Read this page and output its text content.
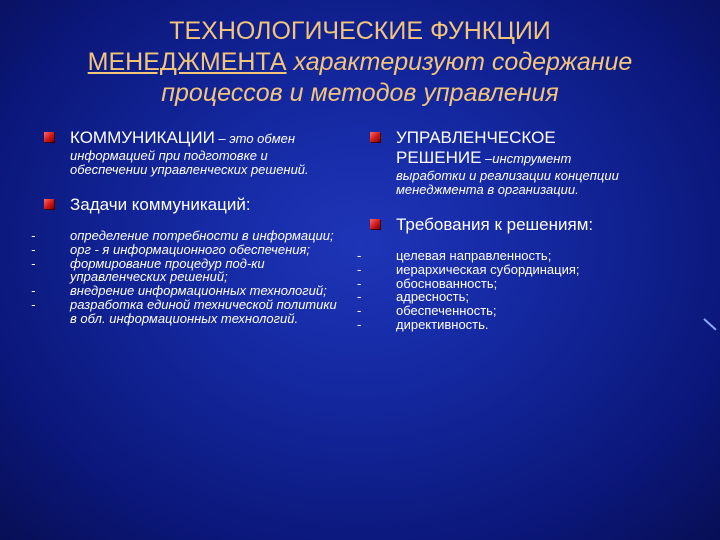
ТЕХНОЛОГИЧЕСКИЕ ФУНКЦИИ
МЕНЕДЖМЕНТА характеризуют содержание
процессов и методов управления
КОММУНИКАЦИИ – это обмен
информацией при подготовке и обеспечении управленческих решений.
Задачи коммуникаций:
- определение потребности в информации;
- орг - я информационного обеспечения;
- формирование процедур под-ки управленческих решений;
- внедрение информационных технологий;
- разработка единой технической политики в обл. информационных технологий.
УПРАВЛЕНЧЕСКОЕ
РЕШЕНИЕ –инструмент
выработки и реализации концепции менеджмента в организации.
Требования к решениям:
- целевая направленность;
- иерархическая субординация;
- обоснованность;
- адресность;
- обеспеченность;
- директивность.
